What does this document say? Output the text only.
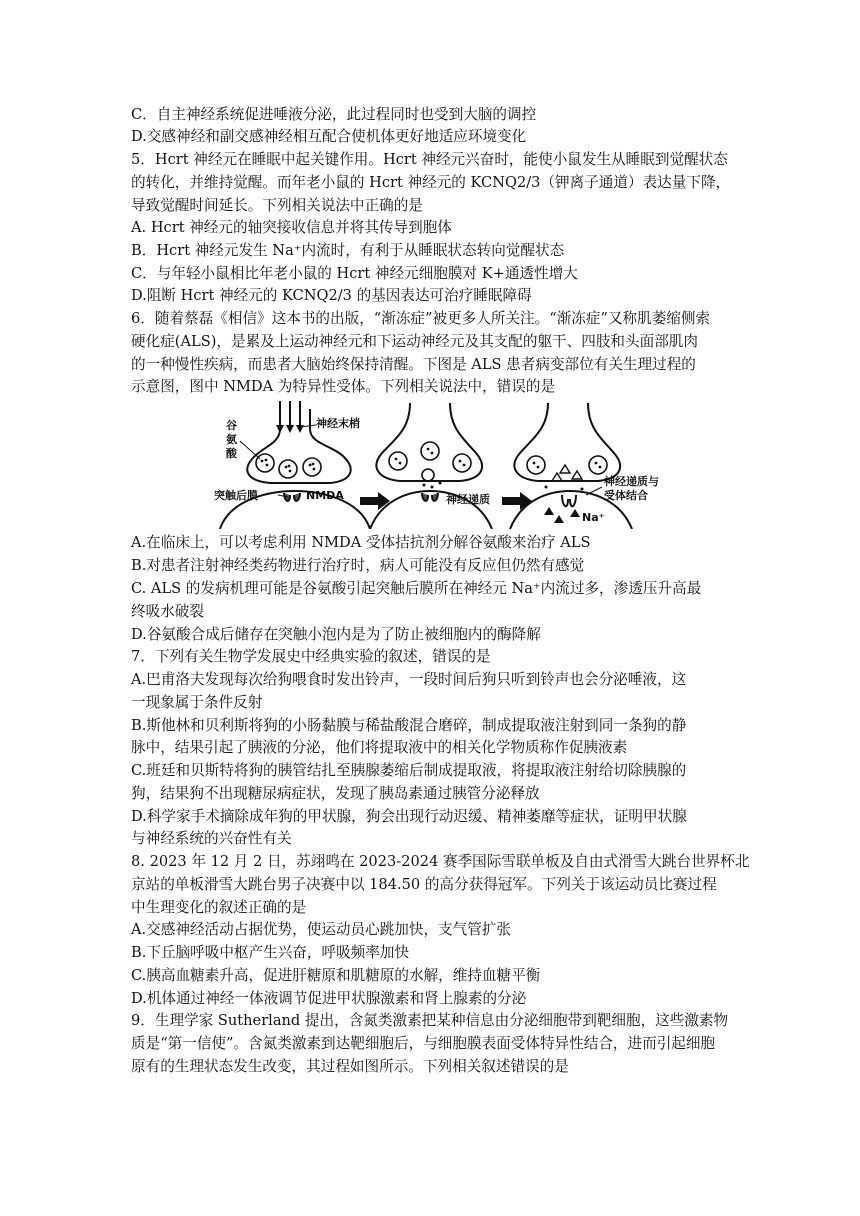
C．自主神经系统促进唾液分泌，此过程同时也受到大脑的调控
D.交感神经和副交感神经相互配合使机体更好地适应环境变化
5．Hcrt 神经元在睡眠中起关键作用。Hcrt 神经元兴奋时，能使小鼠发生从睡眠到觉醒状态
的转化，并维持觉醒。而年老小鼠的 Hcrt 神经元的 KCNQ2/3（钾离子通道）表达量下降，
导致觉醒时间延长。下列相关说法中正确的是
A. Hcrt 神经元的轴突接收信息并将其传导到胞体
B．Hcrt 神经元发生 Na⁺内流时，有利于从睡眠状态转向觉醒状态
C．与年轻小鼠相比年老小鼠的 Hcrt 神经元细胞膜对 K+通透性增大
D.阻断 Hcrt 神经元的 KCNQ2/3 的基因表达可治疗睡眠障碍
6．随着蔡磊《相信》这本书的出版，“渐冻症”被更多人所关注。“渐冻症”又称肌萎缩侧索
硬化症(ALS)，是累及上运动神经元和下运动神经元及其支配的躯干、四肢和头面部肌肉
的一种慢性疾病，而患者大脑始终保持清醒。下图是 ALS 患者病变部位有关生理过程的
示意图，图中 NMDA 为特异性受体。下列相关说法中，错误的是
神经末梢
谷
氨
酸
突触后膜	NMDA	神经递质
神经递质与
受体结合
Na⁺
A.在临床上，可以考虑利用 NMDA 受体拮抗剂分解谷氨酸来治疗 ALS
B.对患者注射神经类药物进行治疗时，病人可能没有反应但仍然有感觉
C. ALS 的发病机理可能是谷氨酸引起突触后膜所在神经元 Na⁺内流过多，渗透压升高最
终吸水破裂
D.谷氨酸合成后储存在突触小泡内是为了防止被细胞内的酶降解
7．下列有关生物学发展史中经典实验的叙述，错误的是
A.巴甫洛夫发现每次给狗喂食时发出铃声，一段时间后狗只听到铃声也会分泌唾液，这
一现象属于条件反射
B.斯他林和贝利斯将狗的小肠黏膜与稀盐酸混合磨碎，制成提取液注射到同一条狗的静
脉中，结果引起了胰液的分泌，他们将提取液中的相关化学物质称作促胰液素
C.班廷和贝斯特将狗的胰管结扎至胰腺萎缩后制成提取液，将提取液注射给切除胰腺的
狗，结果狗不出现糖尿病症状，发现了胰岛素通过胰管分泌释放
D.科学家手术摘除成年狗的甲状腺，狗会出现行动迟缓、精神萎靡等症状，证明甲状腺
与神经系统的兴奋性有关
8. 2023 年 12 月 2 日，苏翊鸣在 2023-2024 赛季国际雪联单板及自由式滑雪大跳台世界杯北
京站的单板滑雪大跳台男子决赛中以 184.50 的高分获得冠军。下列关于该运动员比赛过程
中生理变化的叙述正确的是
A.交感神经活动占据优势，使运动员心跳加快，支气管扩张
B.下丘脑呼吸中枢产生兴奋，呼吸频率加快
C.胰高血糖素升高，促进肝糖原和肌糖原的水解，维持血糖平衡
D.机体通过神经一体液调节促进甲状腺激素和肾上腺素的分泌
9．生理学家 Sutherland 提出，含氮类激素把某种信息由分泌细胞带到靶细胞，这些激素物
质是“第一信使”。含氮类激素到达靶细胞后，与细胞膜表面受体特异性结合，进而引起细胞
原有的生理状态发生改变，其过程如图所示。下列相关叙述错误的是
